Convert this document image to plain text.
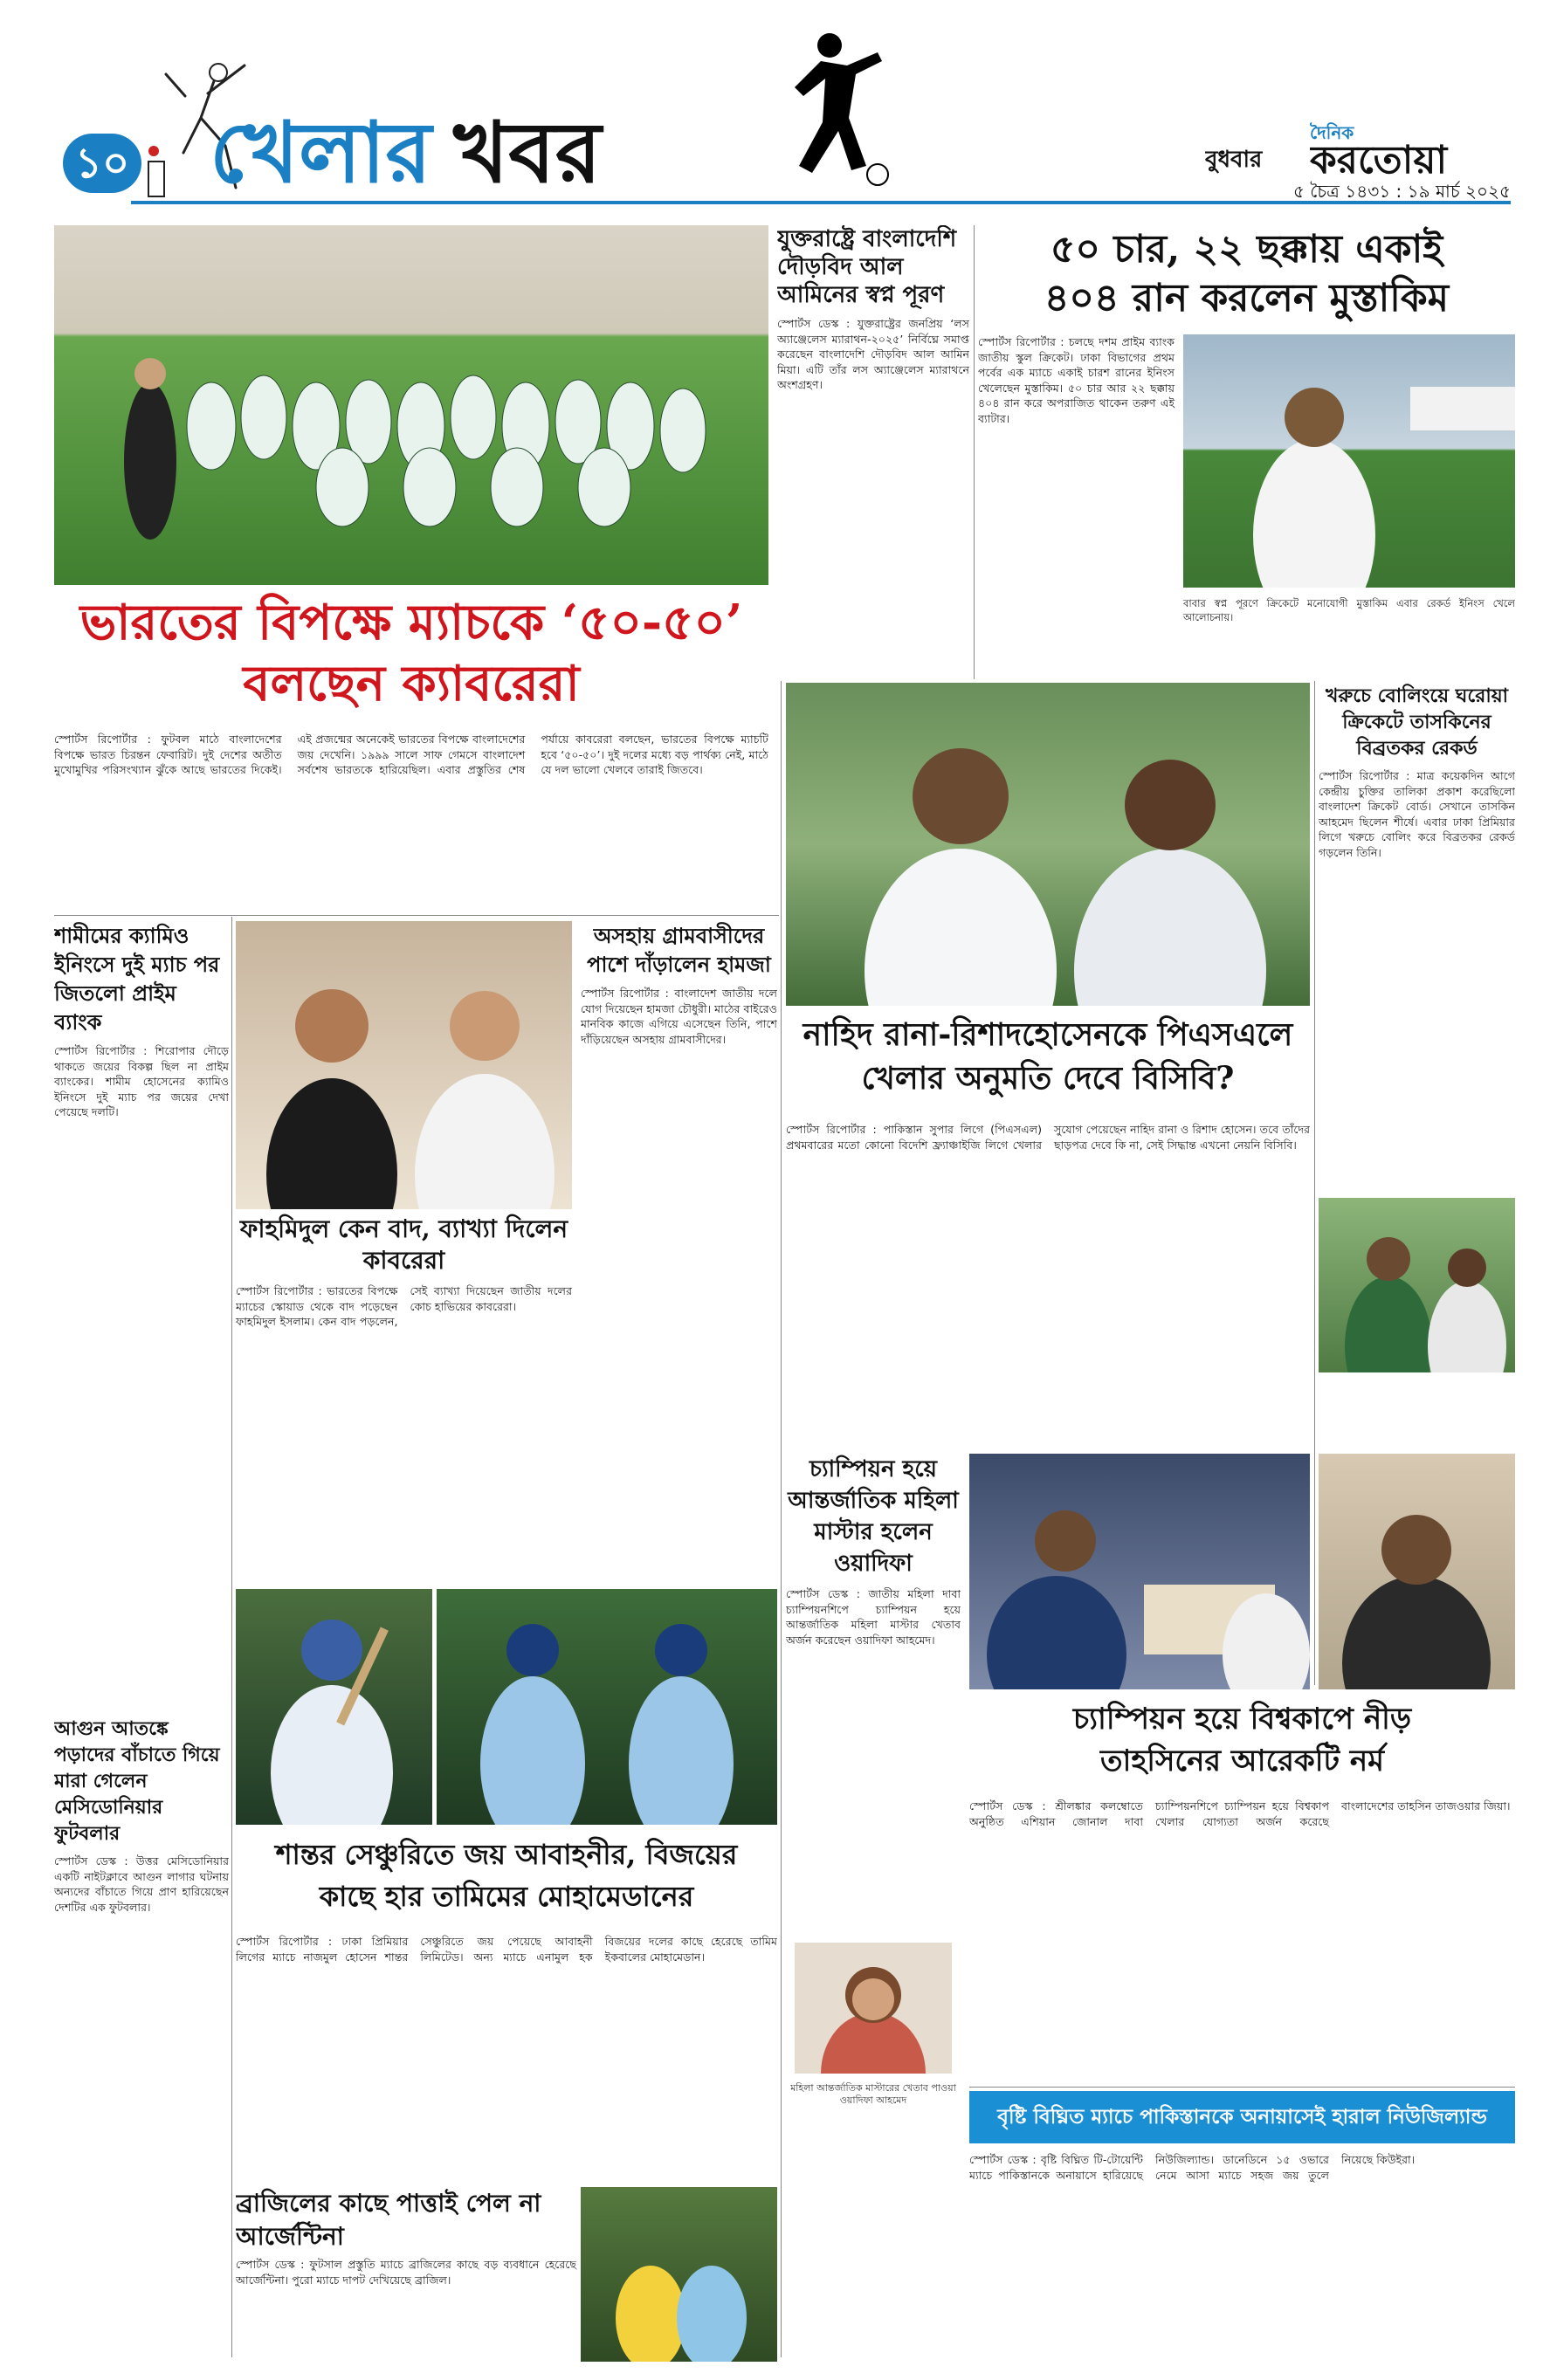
১০ খেলার খবর	বুধবার
দৈনিক
করতোয়া
৫ চৈত্র ১৪৩১ : ১৯ মার্চ ২০২৫
যুক্তরাষ্ট্রে বাংলাদেশি দৌড়বিদ আল আমিনের স্বপ্ন পূরণ
স্পোর্টস ডেস্ক : যুক্তরাষ্ট্রের জনপ্রিয় ‘লস অ্যাঞ্জেলেস ম্যারাথন-২০২৫’ নির্বিঘ্নে সমাপ্ত করেছেন বাংলাদেশি দৌড়বিদ আল আমিন মিয়া। এটি তাঁর লস অ্যাঞ্জেলেস ম্যারাথনে অংশগ্রহণ।
৫০ চার, ২২ ছক্কায় একাই
৪০৪ রান করলেন মুস্তাকিম
স্পোর্টস রিপোর্টার : চলছে দশম প্রাইম ব্যাংক জাতীয় স্কুল ক্রিকেট। ঢাকা বিভাগের প্রথম পর্বের এক ম্যাচে একাই চারশ রানের ইনিংস খেলেছেন মুস্তাকিম। ৫০ চার আর ২২ ছক্কায় ৪০৪ রান করে অপরাজিত থাকেন তরুণ এই ব্যাটার।
বাবার স্বপ্ন পূরণে ক্রিকেটে মনোযোগী মুস্তাকিম এবার রেকর্ড ইনিংস খেলে আলোচনায়।
ভারতের বিপক্ষে ম্যাচকে ‘৫০-৫০’
বলছেন ক্যাবরেরা
স্পোর্টস রিপোর্টার : ফুটবল মাঠে বাংলাদেশের বিপক্ষে ভারত চিরন্তন ফেবারিট। দুই দেশের অতীত মুখোমুখির পরিসংখ্যান ঝুঁকে আছে ভারতের দিকেই। এই প্রজন্মের অনেকেই ভারতের বিপক্ষে বাংলাদেশের জয় দেখেনি। ১৯৯৯ সালে সাফ গেমসে বাংলাদেশ সর্বশেষ ভারতকে হারিয়েছিল। এবার প্রস্তুতির শেষ পর্যায়ে কাবরেরা বলছেন, ভারতের বিপক্ষে ম্যাচটি হবে ‘৫০-৫০’। দুই দলের মধ্যে বড় পার্থক্য নেই, মাঠে যে দল ভালো খেলবে তারাই জিতবে।
নাহিদ রানা-রিশাদহোসেনকে পিএসএলে
খেলার অনুমতি দেবে বিসিবি?
স্পোর্টস রিপোর্টার : পাকিস্তান সুপার লিগে (পিএসএল) প্রথমবারের মতো কোনো বিদেশি ফ্র্যাঞ্চাইজি লিগে খেলার সুযোগ পেয়েছেন নাহিদ রানা ও রিশাদ হোসেন। তবে তাঁদের ছাড়পত্র দেবে কি না, সেই সিদ্ধান্ত এখনো নেয়নি বিসিবি।
খরুচে বোলিংয়ে ঘরোয়া
ক্রিকেটে তাসকিনের
বিব্রতকর রেকর্ড
স্পোর্টস রিপোর্টার : মাত্র কয়েকদিন আগে কেন্দ্রীয় চুক্তির তালিকা প্রকাশ করেছিলো বাংলাদেশ ক্রিকেট বোর্ড। সেখানে তাসকিন আহমেদ ছিলেন শীর্ষে। এবার ঢাকা প্রিমিয়ার লিগে খরুচে বোলিং করে বিব্রতকর রেকর্ড গড়লেন তিনি।
শামীমের ক্যামিও ইনিংসে দুই ম্যাচ পর জিতলো প্রাইম ব্যাংক
স্পোর্টস রিপোর্টার : শিরোপার দৌড়ে থাকতে জয়ের বিকল্প ছিল না প্রাইম ব্যাংকের। শামীম হোসেনের ক্যামিও ইনিংসে দুই ম্যাচ পর জয়ের দেখা পেয়েছে দলটি।
ফাহমিদুল কেন বাদ, ব্যাখ্যা দিলেন কাবরেরা
স্পোর্টস রিপোর্টার : ভারতের বিপক্ষে ম্যাচের স্কোয়াড থেকে বাদ পড়েছেন ফাহমিদুল ইসলাম। কেন বাদ পড়লেন, সেই ব্যাখ্যা দিয়েছেন জাতীয় দলের কোচ হাভিয়ের কাবরেরা।
অসহায় গ্রামবাসীদের পাশে দাঁড়ালেন হামজা
স্পোর্টস রিপোর্টার : বাংলাদেশ জাতীয় দলে যোগ দিয়েছেন হামজা চৌধুরী। মাঠের বাইরেও মানবিক কাজে এগিয়ে এসেছেন তিনি, পাশে দাঁড়িয়েছেন অসহায় গ্রামবাসীদের।
চ্যাম্পিয়ন হয়ে আন্তর্জাতিক মহিলা মাস্টার হলেন ওয়াদিফা
স্পোর্টস ডেস্ক : জাতীয় মহিলা দাবা চ্যাম্পিয়নশিপে চ্যাম্পিয়ন হয়ে আন্তর্জাতিক মহিলা মাস্টার খেতাব অর্জন করেছেন ওয়াদিফা আহমেদ।
মহিলা আন্তর্জাতিক মাস্টারের খেতাব পাওয়া ওয়াদিফা আহমেদ
চ্যাম্পিয়ন হয়ে বিশ্বকাপে নীড়
তাহসিনের আরেকটি নর্ম
স্পোর্টস ডেস্ক : শ্রীলঙ্কার কলম্বোতে অনুষ্ঠিত এশিয়ান জোনাল দাবা চ্যাম্পিয়নশিপে চ্যাম্পিয়ন হয়ে বিশ্বকাপ খেলার যোগ্যতা অর্জন করেছে বাংলাদেশের তাহসিন তাজওয়ার জিয়া।
শান্তর সেঞ্চুরিতে জয় আবাহনীর, বিজয়ের
কাছে হার তামিমের মোহামেডানের
স্পোর্টস রিপোর্টার : ঢাকা প্রিমিয়ার লিগের ম্যাচে নাজমুল হোসেন শান্তর সেঞ্চুরিতে জয় পেয়েছে আবাহনী লিমিটেড। অন্য ম্যাচে এনামুল হক বিজয়ের দলের কাছে হেরেছে তামিম ইকবালের মোহামেডান।
আগুন আতঙ্কে পড়াদের বাঁচাতে গিয়ে মারা গেলেন মেসিডোনিয়ার ফুটবলার
স্পোর্টস ডেস্ক : উত্তর মেসিডোনিয়ার একটি নাইটক্লাবে আগুন লাগার ঘটনায় অন্যদের বাঁচাতে গিয়ে প্রাণ হারিয়েছেন দেশটির এক ফুটবলার।
ব্রাজিলের কাছে পাত্তাই পেল না আর্জেন্টিনা
স্পোর্টস ডেস্ক : ফুটসাল প্রস্তুতি ম্যাচে ব্রাজিলের কাছে বড় ব্যবধানে হেরেছে আর্জেন্টিনা। পুরো ম্যাচে দাপট দেখিয়েছে ব্রাজিল।
বৃষ্টি বিঘ্নিত ম্যাচে পাকিস্তানকে অনায়াসেই হারাল নিউজিল্যান্ড
স্পোর্টস ডেস্ক : বৃষ্টি বিঘ্নিত টি-টোয়েন্টি ম্যাচে পাকিস্তানকে অনায়াসে হারিয়েছে নিউজিল্যান্ড। ডানেডিনে ১৫ ওভারে নেমে আসা ম্যাচে সহজ জয় তুলে নিয়েছে কিউইরা।
